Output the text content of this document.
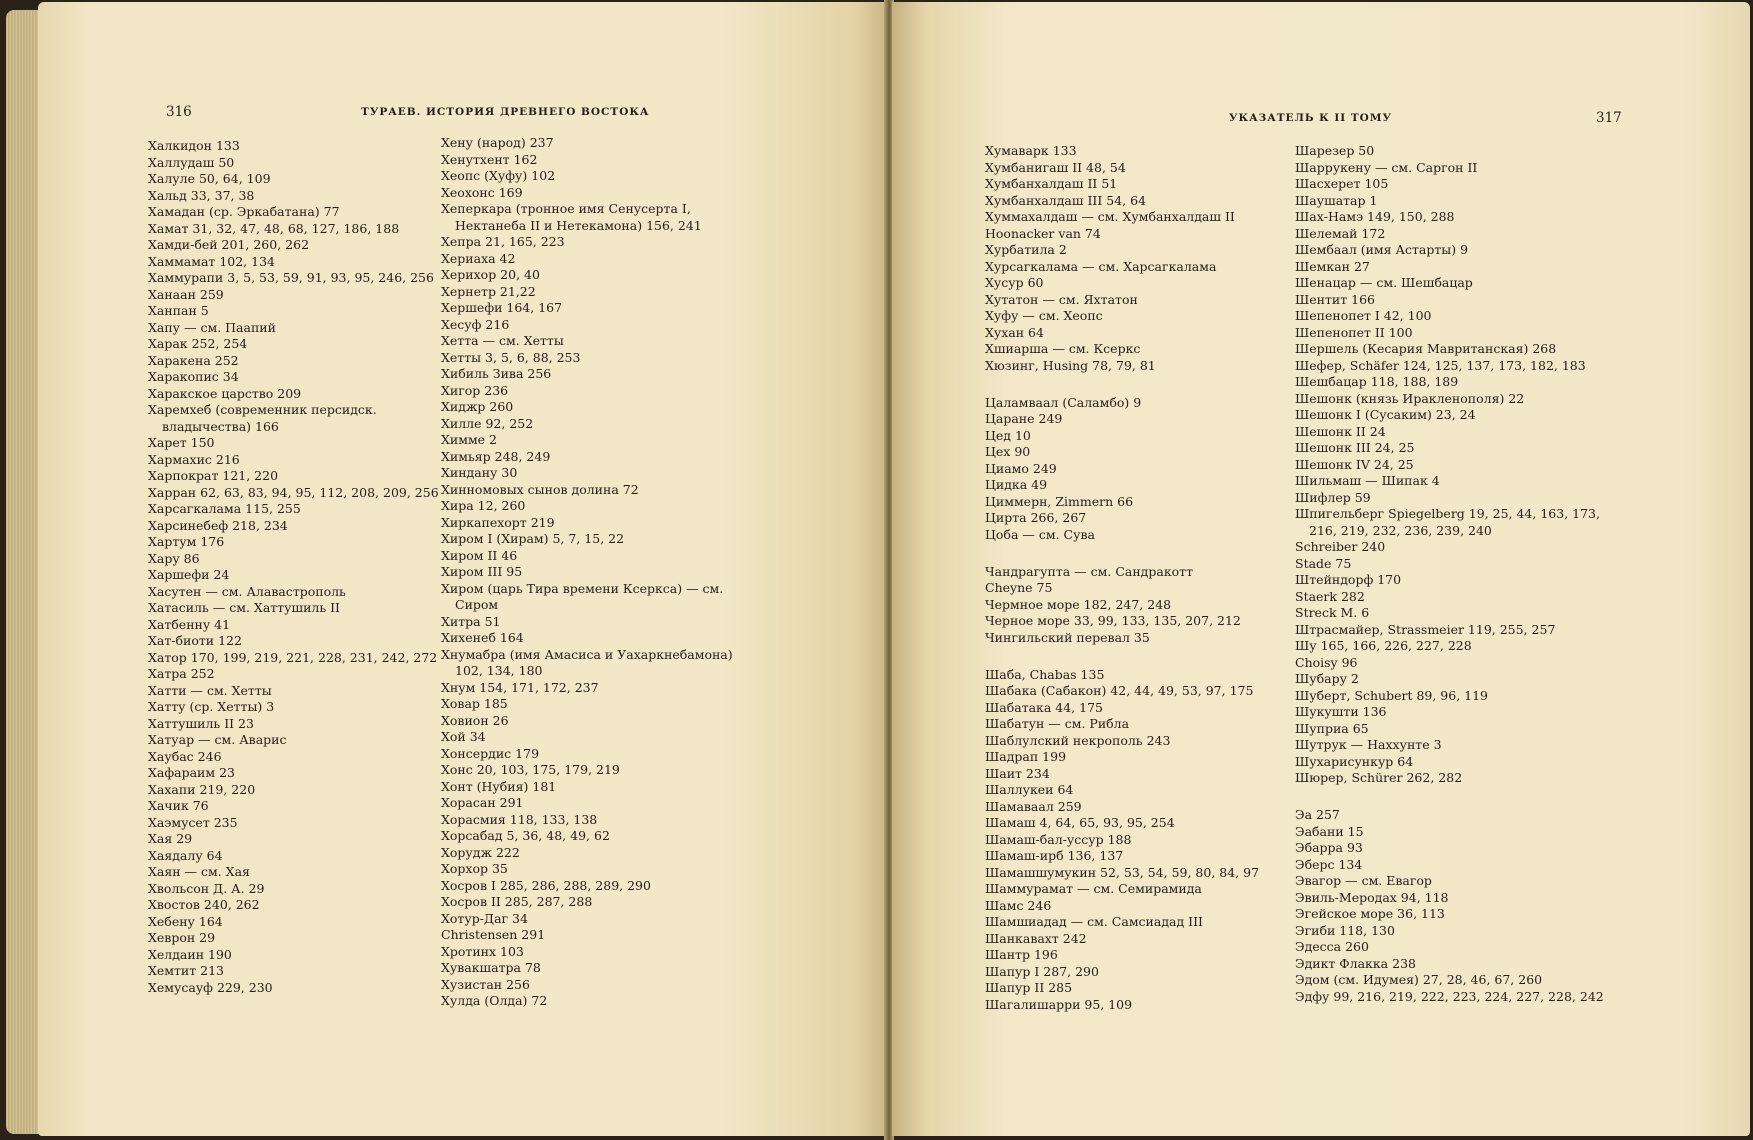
316	ТУРАЕВ. ИСТОРИЯ ДРЕВНЕГО ВОСТОКА
Халкидон 133
Халлудаш 50
Халуле 50, 64, 109
Хальд 33, 37, 38
Хамадан (ср. Эркабатана) 77
Хамат 31, 32, 47, 48, 68, 127, 186, 188
Хамди-бей 201, 260, 262
Хаммамат 102, 134
Хаммурапи 3, 5, 53, 59, 91, 93, 95, 246, 256
Ханаан 259
Ханпан 5
Хапу — см. Паапий
Харак 252, 254
Харакена 252
Харакопис 34
Харакское царство 209
Харемхеб (современник персидск. владычества) 166
Харет 150
Хармахис 216
Харпократ 121, 220
Харран 62, 63, 83, 94, 95, 112, 208, 209, 256
Харсагкалама 115, 255
Харсинебеф 218, 234
Хартум 176
Хару 86
Харшефи 24
Хасутен — см. Алавастрополь
Хатасиль — см. Хаттушиль II
Хатбенну 41
Хат-биоти 122
Хатор 170, 199, 219, 221, 228, 231, 242, 272
Хатра 252
Хатти — см. Хетты
Хатту (ср. Хетты) 3
Хаттушиль II 23
Хатуар — см. Аварис
Хаубас 246
Хафараим 23
Хахапи 219, 220
Хачик 76
Хаэмусет 235
Хая 29
Хаядалу 64
Хаян — см. Хая
Хвольсон Д. А. 29
Хвостов 240, 262
Хебену 164
Хеврон 29
Хелдаин 190
Хемтит 213
Хемусауф 229, 230
Хену (народ) 237
Хенутхент 162
Хеопс (Хуфу) 102
Хеохонс 169
Хеперкара (тронное имя Сенусерта I, Нектанеба II и Нетекамона) 156, 241
Хепра 21, 165, 223
Хериаха 42
Херихор 20, 40
Хернетр 21,22
Хершефи 164, 167
Хесуф 216
Хетта — см. Хетты
Хетты 3, 5, 6, 88, 253
Хибиль Зива 256
Хигор 236
Хиджр 260
Хилле 92, 252
Химме 2
Химьяр 248, 249
Хиндану 30
Хинномовых сынов долина 72
Хира 12, 260
Хиркапехорт 219
Хиром I (Хирам) 5, 7, 15, 22
Хиром II 46
Хиром III 95
Хиром (царь Тира времени Ксеркса) — см. Сиром
Хитра 51
Хихенеб 164
Хнумабра (имя Амасиса и Уахаркнебамона) 102, 134, 180
Хнум 154, 171, 172, 237
Ховар 185
Ховион 26
Хой 34
Хонсердис 179
Хонс 20, 103, 175, 179, 219
Хонт (Нубия) 181
Хорасан 291
Хорасмия 118, 133, 138
Хорсабад 5, 36, 48, 49, 62
Хорудж 222
Хорхор 35
Хосров I 285, 286, 288, 289, 290
Хосров II 285, 287, 288
Хотур-Даг 34
Christensen 291
Хротинх 103
Хувакшатра 78
Хузистан 256
Хулда (Олда) 72
УКАЗАТЕЛЬ К II ТОМУ	317
Хумаварк 133
Хумбанигаш II 48, 54
Хумбанхалдаш II 51
Хумбанхалдаш III 54, 64
Хуммахалдаш — см. Хумбанхалдаш II
Hoonacker van 74
Хурбатила 2
Хурсагкалама — см. Харсагкалама
Хусур 60
Хутатон — см. Яхтатон
Хуфу — см. Хеопс
Хухан 64
Хшиарша — см. Ксеркс
Хюзинг, Husing 78, 79, 81
Цаламваал (Саламбо) 9
Царане 249
Цед 10
Цех 90
Циамо 249
Цидка 49
Циммерн, Zimmern 66
Цирта 266, 267
Цоба — см. Сува
Чандрагупта — см. Сандракотт
Cheyne 75
Чермное море 182, 247, 248
Черное море 33, 99, 133, 135, 207, 212
Чингильский перевал 35
Шаба, Chabas 135
Шабака (Сабакон) 42, 44, 49, 53, 97, 175
Шабатака 44, 175
Шабатун — см. Рибла
Шаблулский некрополь 243
Шадрап 199
Шаит 234
Шаллукеи 64
Шамаваал 259
Шамаш 4, 64, 65, 93, 95, 254
Шамаш-бал-уссур 188
Шамаш-ирб 136, 137
Шамашшумукин 52, 53, 54, 59, 80, 84, 97
Шаммурамат — см. Семирамида
Шамс 246
Шамшиадад — см. Самсиадад III
Шанкавахт 242
Шантр 196
Шапур I 287, 290
Шапур II 285
Шагалишарри 95, 109
Шарезер 50
Шаррукену — см. Саргон II
Шасхерет 105
Шаушатар 1
Шах-Намэ 149, 150, 288
Шелемай 172
Шембаал (имя Астарты) 9
Шемкан 27
Шенацар — см. Шешбацар
Шентит 166
Шепенопет I 42, 100
Шепенопет II 100
Шершель (Кесария Мавританская) 268
Шефер, Schäfer 124, 125, 137, 173, 182, 183
Шешбацар 118, 188, 189
Шешонк (князь Иракленополя) 22
Шешонк I (Сусаким) 23, 24
Шешонк II 24
Шешонк III 24, 25
Шешонк IV 24, 25
Шильмаш — Шипак 4
Шифлер 59
Шпигельберг Spiegelberg 19, 25, 44, 163, 173, 216, 219, 232, 236, 239, 240
Schreiber 240
Stade 75
Штейндорф 170
Staerk 282
Streck M. 6
Штрасмайер, Strassmeier 119, 255, 257
Шу 165, 166, 226, 227, 228
Choisy 96
Шубару 2
Шуберт, Schubert 89, 96, 119
Шукушти 136
Шуприа 65
Шутрук — Наххунте 3
Шухарисункур 64
Шюрер, Schürer 262, 282
Эа 257
Эабани 15
Эбарра 93
Эберс 134
Эвагор — см. Евагор
Эвиль-Меродах 94, 118
Эгейское море 36, 113
Эгиби 118, 130
Эдесса 260
Эдикт Флакка 238
Эдом (см. Идумея) 27, 28, 46, 67, 260
Эдфу 99, 216, 219, 222, 223, 224, 227, 228, 242
